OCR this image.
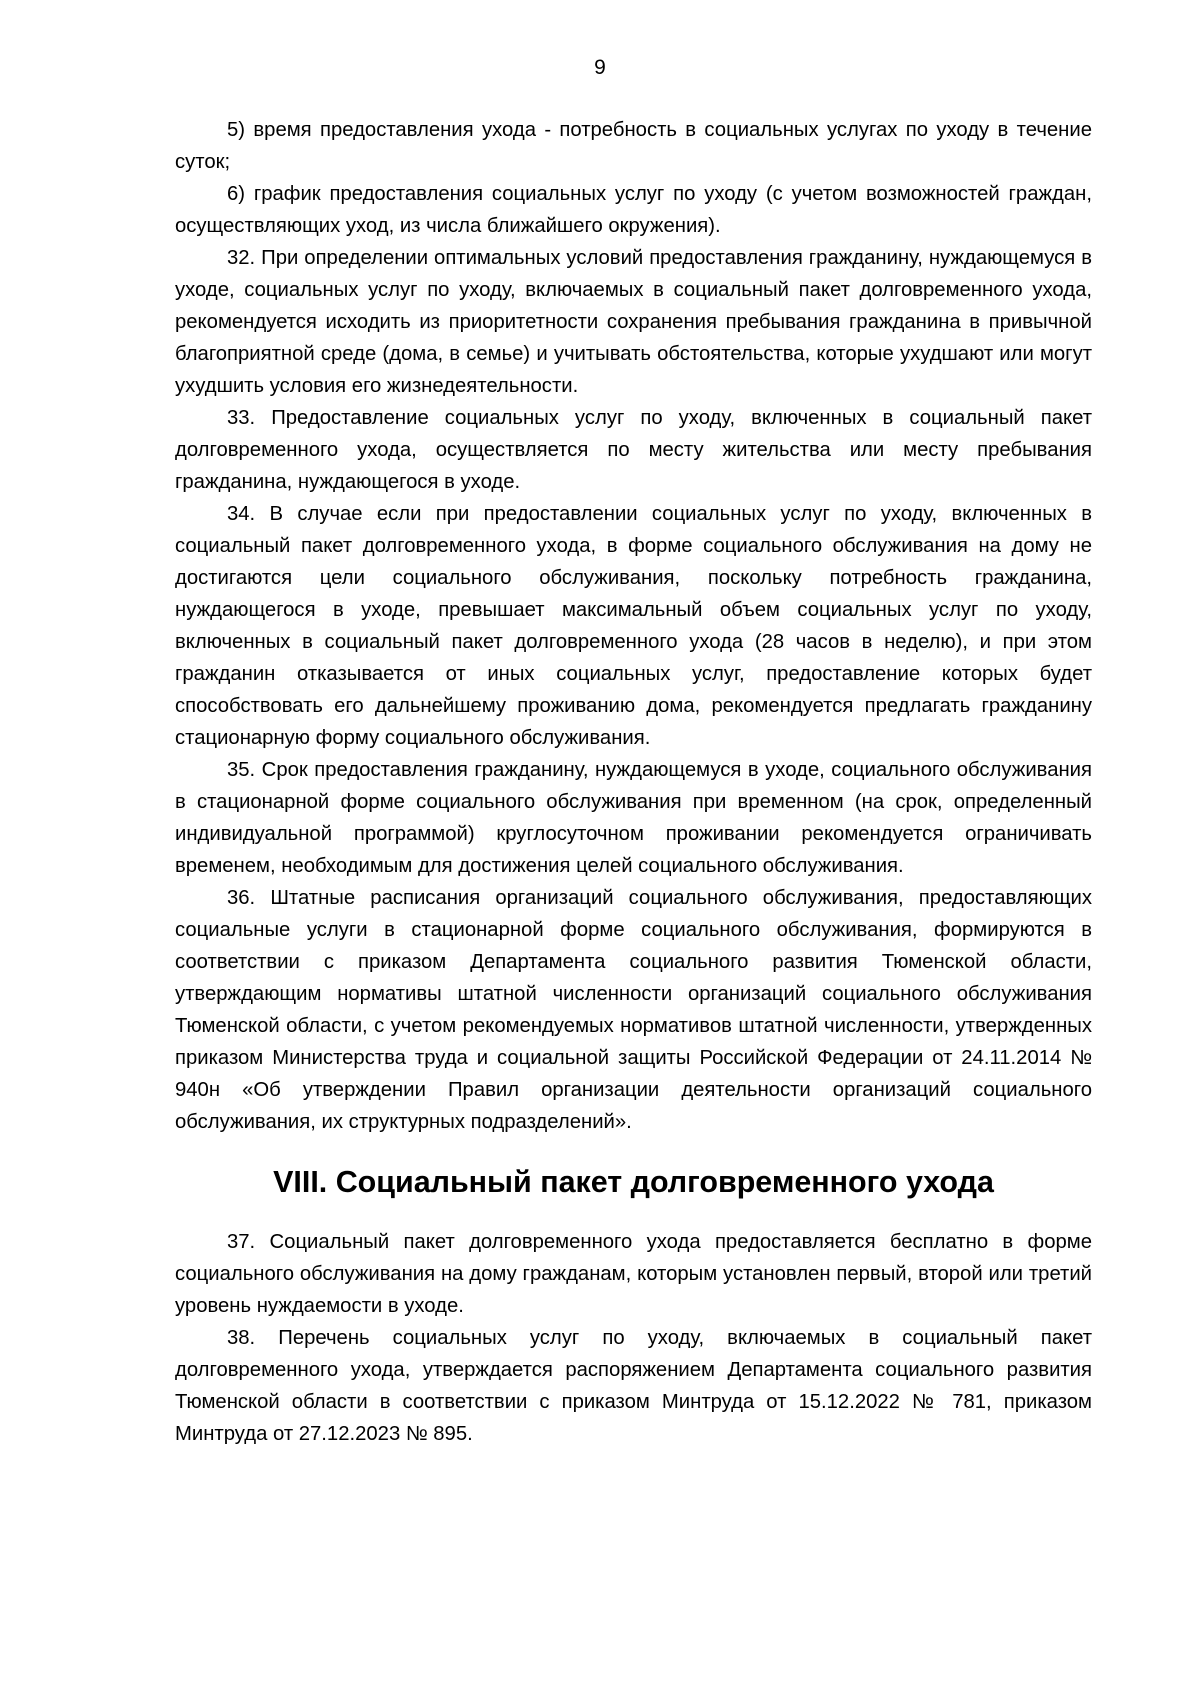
9

5) время предоставления ухода - потребность в социальных услугах по уходу в течение суток;

6) график предоставления социальных услуг по уходу (с учетом возможностей граждан, осуществляющих уход, из числа ближайшего окружения).

32. При определении оптимальных условий предоставления гражданину, нуждающемуся в уходе, социальных услуг по уходу, включаемых в социальный пакет долговременного ухода, рекомендуется исходить из приоритетности сохранения пребывания гражданина в привычной благоприятной среде (дома, в семье) и учитывать обстоятельства, которые ухудшают или могут ухудшить условия его жизнедеятельности.

33. Предоставление социальных услуг по уходу, включенных в социальный пакет долговременного ухода, осуществляется по месту жительства или месту пребывания гражданина, нуждающегося в уходе.

34. В случае если при предоставлении социальных услуг по уходу, включенных в социальный пакет долговременного ухода, в форме социального обслуживания на дому не достигаются цели социального обслуживания, поскольку потребность гражданина, нуждающегося в уходе, превышает максимальный объем социальных услуг по уходу, включенных в социальный пакет долговременного ухода (28 часов в неделю), и при этом гражданин отказывается от иных социальных услуг, предоставление которых будет способствовать его дальнейшему проживанию дома, рекомендуется предлагать гражданину стационарную форму социального обслуживания.

35. Срок предоставления гражданину, нуждающемуся в уходе, социального обслуживания в стационарной форме социального обслуживания при временном (на срок, определенный индивидуальной программой) круглосуточном проживании рекомендуется ограничивать временем, необходимым для достижения целей социального обслуживания.

36. Штатные расписания организаций социального обслуживания, предоставляющих социальные услуги в стационарной форме социального обслуживания, формируются в соответствии с приказом Департамента социального развития Тюменской области, утверждающим нормативы штатной численности организаций социального обслуживания Тюменской области, с учетом рекомендуемых нормативов штатной численности, утвержденных приказом Министерства труда и социальной защиты Российской Федерации от 24.11.2014 № 940н «Об утверждении Правил организации деятельности организаций социального обслуживания, их структурных подразделений».

VIII. Социальный пакет долговременного ухода

37. Социальный пакет долговременного ухода предоставляется бесплатно в форме социального обслуживания на дому гражданам, которым установлен первый, второй или третий уровень нуждаемости в уходе.

38. Перечень социальных услуг по уходу, включаемых в социальный пакет долговременного ухода, утверждается распоряжением Департамента социального развития Тюменской области в соответствии с приказом Минтруда от 15.12.2022 № 781, приказом Минтруда от 27.12.2023 № 895.
